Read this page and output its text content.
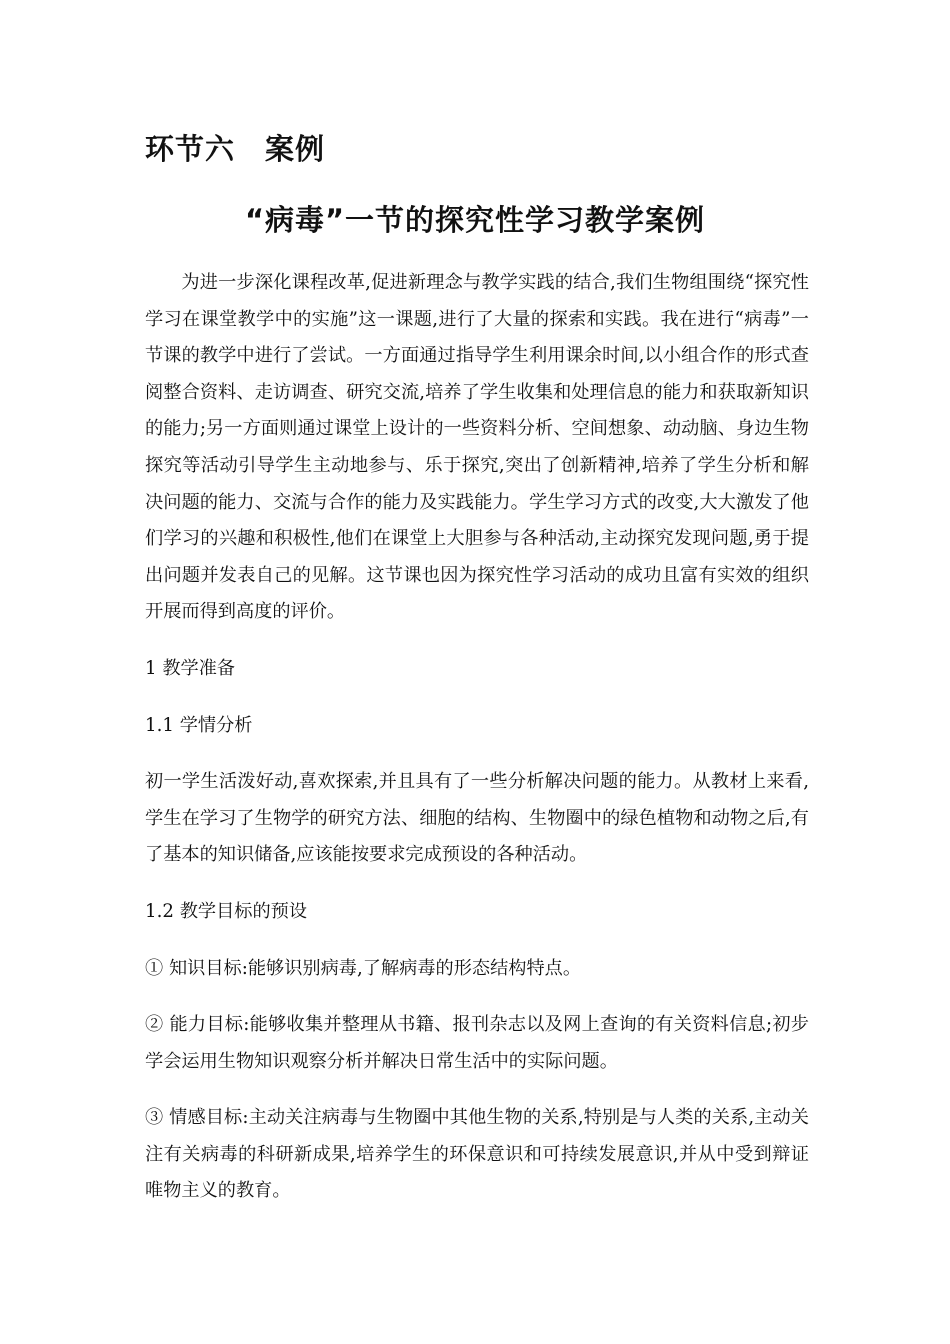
环节六　案例
“病毒”一节的探究性学习教学案例

为进一步深化课程改革,促进新理念与教学实践的结合,我们生物组围绕“探究性学习在课堂教学中的实施”这一课题,进行了大量的探索和实践。我在进行“病毒”一节课的教学中进行了尝试。一方面通过指导学生利用课余时间,以小组合作的形式查阅整合资料、走访调查、研究交流,培养了学生收集和处理信息的能力和获取新知识的能力;另一方面则通过课堂上设计的一些资料分析、空间想象、动动脑、身边生物探究等活动引导学生主动地参与、乐于探究,突出了创新精神,培养了学生分析和解决问题的能力、交流与合作的能力及实践能力。学生学习方式的改变,大大激发了他们学习的兴趣和积极性,他们在课堂上大胆参与各种活动,主动探究发现问题,勇于提出问题并发表自己的见解。这节课也因为探究性学习活动的成功且富有实效的组织开展而得到高度的评价。

1 教学准备

1.1 学情分析

初一学生活泼好动,喜欢探索,并且具有了一些分析解决问题的能力。从教材上来看,学生在学习了生物学的研究方法、细胞的结构、生物圈中的绿色植物和动物之后,有了基本的知识储备,应该能按要求完成预设的各种活动。

1.2 教学目标的预设

① 知识目标:能够识别病毒,了解病毒的形态结构特点。

② 能力目标:能够收集并整理从书籍、报刊杂志以及网上查询的有关资料信息;初步学会运用生物知识观察分析并解决日常生活中的实际问题。

③ 情感目标:主动关注病毒与生物圈中其他生物的关系,特别是与人类的关系,主动关注有关病毒的科研新成果,培养学生的环保意识和可持续发展意识,并从中受到辩证唯物主义的教育。
